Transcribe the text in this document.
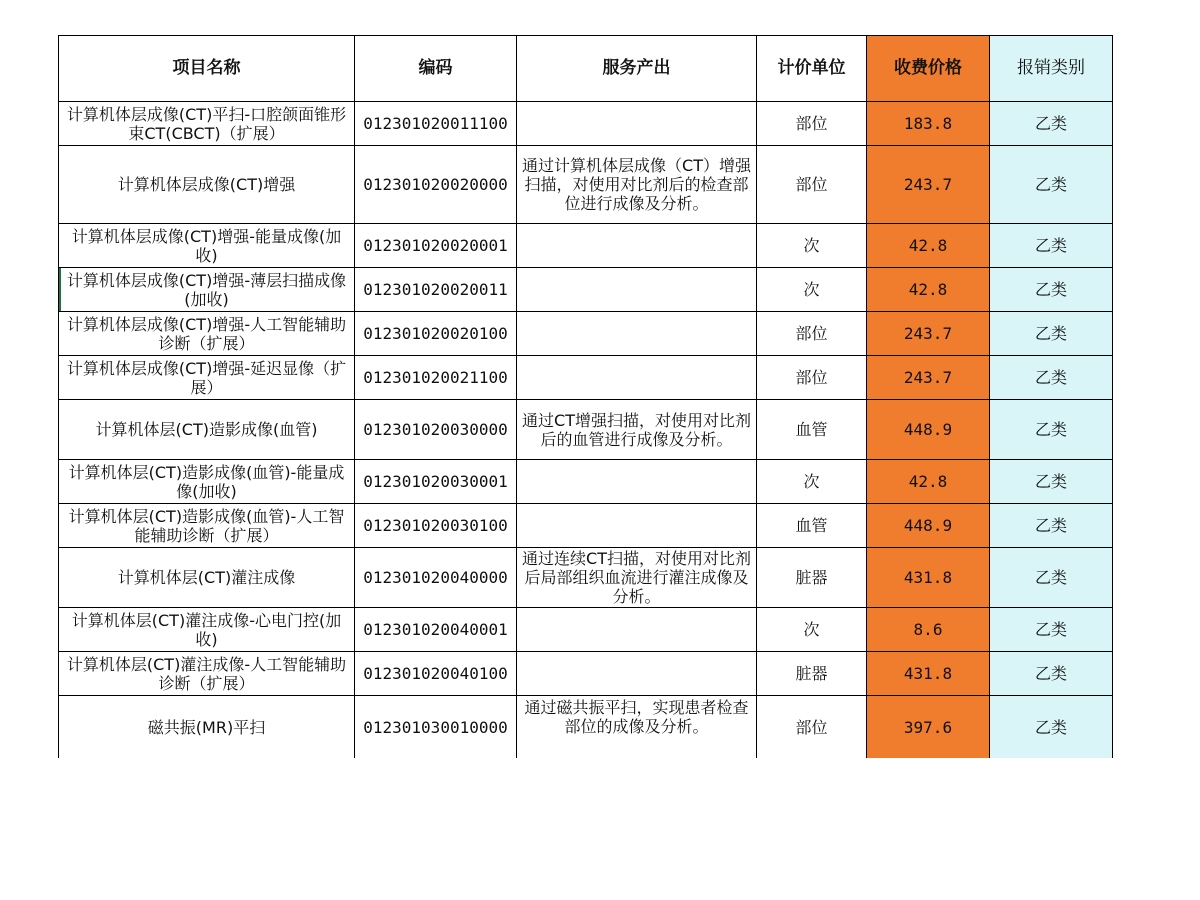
项目名称	编码	服务产出	计价单位	收费价格	报销类别
计算机体层成像(CT)平扫-口腔颌面锥形束CT(CBCT)（扩展）	012301020011100		部位	183.8	乙类
计算机体层成像(CT)增强	012301020020000	通过计算机体层成像（CT）增强扫描，对使用对比剂后的检查部位进行成像及分析。	部位	243.7	乙类
计算机体层成像(CT)增强-能量成像(加收)	012301020020001		次	42.8	乙类
计算机体层成像(CT)增强-薄层扫描成像(加收)	012301020020011		次	42.8	乙类
计算机体层成像(CT)增强-人工智能辅助诊断（扩展）	012301020020100		部位	243.7	乙类
计算机体层成像(CT)增强-延迟显像（扩展）	012301020021100		部位	243.7	乙类
计算机体层(CT)造影成像(血管)	012301020030000	通过CT增强扫描，对使用对比剂后的血管进行成像及分析。	血管	448.9	乙类
计算机体层(CT)造影成像(血管)-能量成像(加收)	012301020030001		次	42.8	乙类
计算机体层(CT)造影成像(血管)-人工智能辅助诊断（扩展）	012301020030100		血管	448.9	乙类
计算机体层(CT)灌注成像	012301020040000	通过连续CT扫描，对使用对比剂后局部组织血流进行灌注成像及分析。	脏器	431.8	乙类
计算机体层(CT)灌注成像-心电门控(加收)	012301020040001		次	8.6	乙类
计算机体层(CT)灌注成像-人工智能辅助诊断（扩展）	012301020040100		脏器	431.8	乙类
磁共振(MR)平扫	012301030010000	通过磁共振平扫，实现患者检查部位的成像及分析。	部位	397.6	乙类
